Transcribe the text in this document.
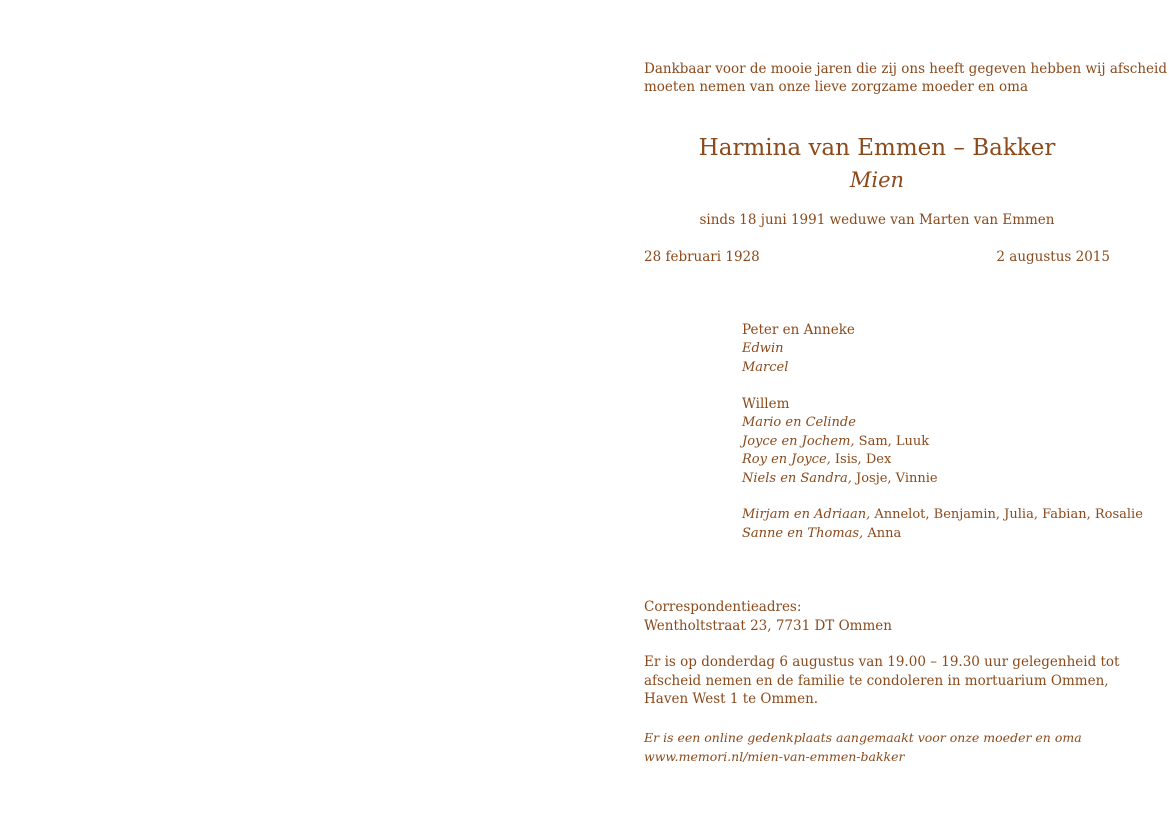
Dankbaar voor de mooie jaren die zij ons heeft gegeven hebben wij afscheid
moeten nemen van onze lieve zorgzame moeder en oma
Harmina van Emmen – Bakker
Mien
sinds 18 juni 1991 weduwe van Marten van Emmen
28 februari 1928	2 augustus 2015
Peter en Anneke
Edwin
Marcel
Willem
Mario en Celinde
Joyce en Jochem, Sam, Luuk
Roy en Joyce, Isis, Dex
Niels en Sandra, Josje, Vinnie
Mirjam en Adriaan, Annelot, Benjamin, Julia, Fabian, Rosalie
Sanne en Thomas, Anna
Correspondentieadres:
Wentholtstraat 23, 7731 DT Ommen
Er is op donderdag 6 augustus van 19.00 – 19.30 uur gelegenheid tot
afscheid nemen en de familie te condoleren in mortuarium Ommen,
Haven West 1 te Ommen.
Er is een online gedenkplaats aangemaakt voor onze moeder en oma
www.memori.nl/mien-van-emmen-bakker
